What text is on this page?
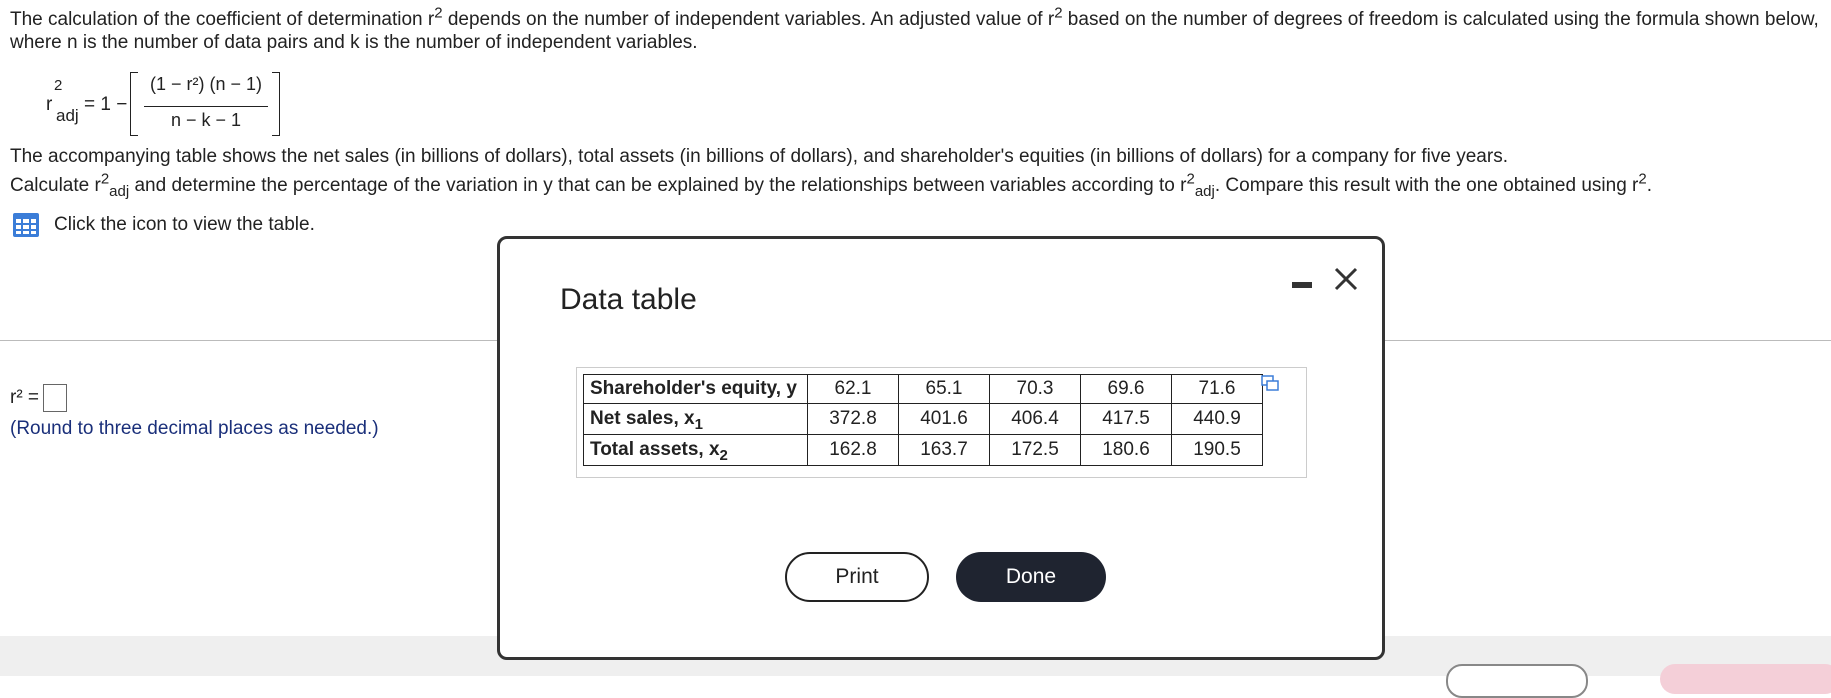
The calculation of the coefficient of determination $r^2$ depends on the number of independent variables. An adjusted value of $r^2$ based on the number of degrees of freedom is calculated using the formula shown below, where n is the number of data pairs and k is the number of independent variables.
r
2
adj
= 1 −
(1 − r²) (n − 1)
n − k − 1
The accompanying table shows the net sales (in billions of dollars), total assets (in billions of dollars), and shareholder's equities (in billions of dollars) for a company for five years.
Calculate $r^2_{adj}$ and determine the percentage of the variation in y that can be explained by the relationships between variables according to $r^2_{adj}$. Compare this result with the one obtained using $r^2$.
Click the icon to view the table.
r² =
(Round to three decimal places as needed.)
Data table
Shareholder's equity, y	62.1	65.1	70.3	69.6	71.6
Net sales, $x_1$	372.8	401.6	406.4	417.5	440.9
Total assets, $x_2$	162.8	163.7	172.5	180.6	190.5
Print	Done
